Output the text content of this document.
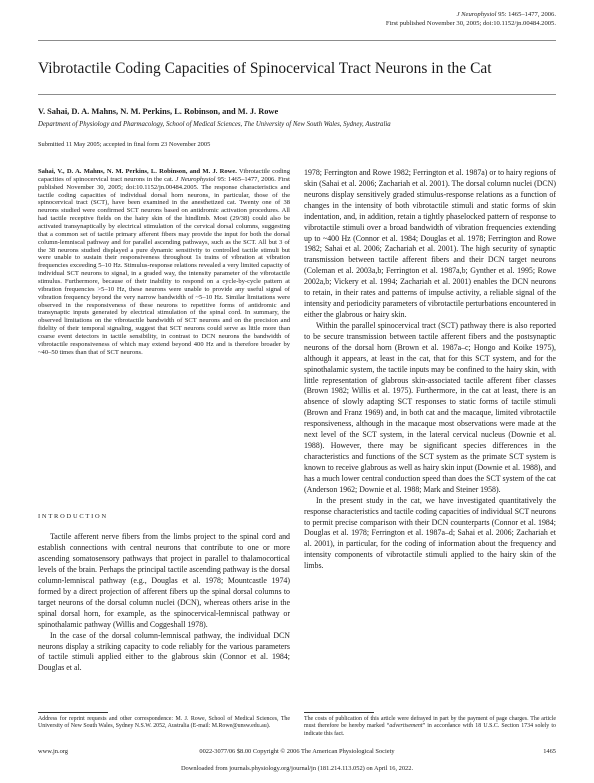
J Neurophysiol 95: 1465–1477, 2006.
First published November 30, 2005; doi:10.1152/jn.00484.2005.
Vibrotactile Coding Capacities of Spinocervical Tract Neurons in the Cat
V. Sahai, D. A. Mahns, N. M. Perkins, L. Robinson, and M. J. Rowe
Department of Physiology and Pharmacology, School of Medical Sciences, The University of New South Wales, Sydney, Australia
Submitted 11 May 2005; accepted in final form 23 November 2005
Sahai, V., D. A. Mahns, N. M. Perkins, L. Robinson, and M. J. Rowe. Vibrotactile coding capacities of spinocervical tract neurons in the cat. J Neurophysiol 95: 1465–1477, 2006. First published November 30, 2005; doi:10.1152/jn.00484.2005. The response characteristics and tactile coding capacities of individual dorsal horn neurons, in particular, those of the spinocervical tract (SCT), have been examined in the anesthetized cat. Twenty one of 38 neurons studied were confirmed SCT neurons based on antidromic activation procedures. All had tactile receptive fields on the hairy skin of the hindlimb. Most (29/38) could also be activated transynaptically by electrical stimulation of the cervical dorsal columns, suggesting that a common set of tactile primary afferent fibers may provide the input for both the dorsal column-lemniscal pathway and for parallel ascending pathways, such as the SCT. All but 3 of the 38 neurons studied displayed a pure dynamic sensitivity to controlled tactile stimuli but were unable to sustain their responsiveness throughout 1s trains of vibration at vibration frequencies exceeding 5–10 Hz. Stimulus-response relations revealed a very limited capacity of individual SCT neurons to signal, in a graded way, the intensity parameter of the vibrotactile stimulus. Furthermore, because of their inability to respond on a cycle-by-cycle pattern at vibration frequencies >5–10 Hz, these neurons were unable to provide any useful signal of vibration frequency beyond the very narrow bandwidth of ~5–10 Hz. Similar limitations were observed in the responsiveness of these neurons to repetitive forms of antidromic and transynaptic inputs generated by electrical stimulation of the spinal cord. In summary, the observed limitations on the vibrotactile bandwidth of SCT neurons and on the precision and fidelity of their temporal signaling, suggest that SCT neurons could serve as little more than coarse event detectors in tactile sensibility, in contrast to DCN neurons the bandwidth of vibrotactile responsiveness of which may extend beyond 400 Hz and is therefore broader by ~40–50 times than that of SCT neurons.
INTRODUCTION

Tactile afferent nerve fibers from the limbs project to the spinal cord and establish connections with central neurons that contribute to one or more ascending somatosensory pathways that project in parallel to thalamocortical levels of the brain. Perhaps the principal tactile ascending pathway is the dorsal column-lemniscal pathway (e.g., Douglas et al. 1978; Mountcastle 1974) formed by a direct projection of afferent fibers up the spinal dorsal columns to target neurons of the dorsal column nuclei (DCN), whereas others arise in the spinal dorsal horn, for example, as the spinocervical-lemniscal pathway or spinothalamic pathway (Willis and Coggeshall 1978).

In the case of the dorsal column-lemniscal pathway, the individual DCN neurons display a striking capacity to code reliably for the various parameters of tactile stimuli applied either to the glabrous skin (Connor et al. 1984; Douglas et al.

1978; Ferrington and Rowe 1982; Ferrington et al. 1987a) or to hairy regions of skin (Sahai et al. 2006; Zachariah et al. 2001). The dorsal column nuclei (DCN) neurons display sensitively graded stimulus-response relations as a function of changes in the intensity of both vibrotactile stimuli and static forms of skin indentation, and, in addition, retain a tightly phaselocked pattern of response to vibrotactile stimuli over a broad bandwidth of vibration frequencies extending up to ~400 Hz (Connor et al. 1984; Douglas et al. 1978; Ferrington and Rowe 1982; Sahai et al. 2006; Zachariah et al. 2001). The high security of synaptic transmission between tactile afferent fibers and their DCN target neurons (Coleman et al. 2003a,b; Ferrington et al. 1987a,b; Gynther et al. 1995; Rowe 2002a,b; Vickery et al. 1994; Zachariah et al. 2001) enables the DCN neurons to retain, in their rates and patterns of impulse activity, a reliable signal of the intensity and periodicity parameters of vibrotactile perturbations encountered in either the glabrous or hairy skin.

Within the parallel spinocervical tract (SCT) pathway there is also reported to be secure transmission between tactile afferent fibers and the postsynaptic neurons of the dorsal horn (Brown et al. 1987a–c; Hongo and Koike 1975), although it appears, at least in the cat, that for this SCT system, and for the spinothalamic system, the tactile inputs may be confined to the hairy skin, with little representation of glabrous skin-associated tactile afferent fiber classes (Brown 1982; Willis et al. 1975). Furthermore, in the cat at least, there is an absence of slowly adapting SCT responses to static forms of tactile stimuli (Brown and Franz 1969) and, in both cat and the macaque, limited vibrotactile responsiveness, although in the macaque most observations were made at the next level of the SCT system, in the lateral cervical nucleus (Downie et al. 1988). However, there may be significant species differences in the characteristics and functions of the SCT system as the primate SCT system is known to receive glabrous as well as hairy skin input (Downie et al. 1988), and has a much lower central conduction speed than does the SCT system of the cat (Anderson 1962; Downie et al. 1988; Mark and Steiner 1958).

In the present study in the cat, we have investigated quantitatively the response characteristics and tactile coding capacities of individual SCT neurons to permit precise comparison with their DCN counterparts (Connor et al. 1984; Douglas et al. 1978; Ferrington et al. 1987a–d; Sahai et al. 2006; Zachariah et al. 2001), in particular, for the coding of information about the frequency and intensity components of vibrotactile stimuli applied to the hairy skin of the limbs.

Address for reprint requests and other correspondence: M. J. Rowe, School of Medical Sciences, The University of New South Wales, Sydney N.S.W. 2052, Australia (E-mail: M.Rowe@unsw.edu.au).
The costs of publication of this article were defrayed in part by the payment of page charges. The article must therefore be hereby marked “advertisement” in accordance with 18 U.S.C. Section 1734 solely to indicate this fact.
www.jn.org	0022-3077/06 $8.00 Copyright © 2006 The American Physiological Society	1465
Downloaded from journals.physiology.org/journal/jn (181.214.113.052) on April 16, 2022.
